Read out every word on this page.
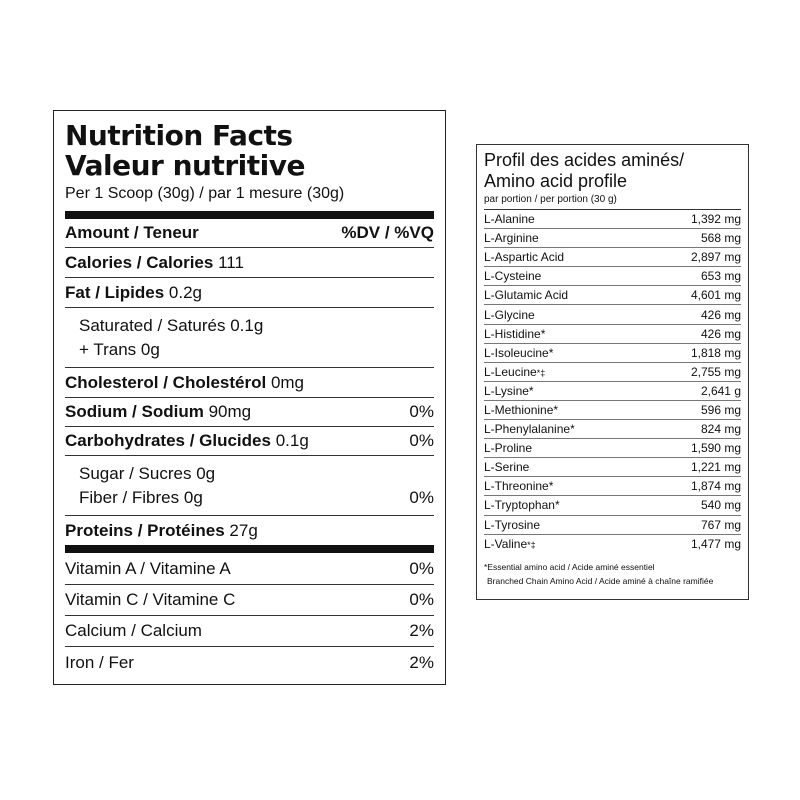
Nutrition Facts
Valeur nutritive
Per 1 Scoop (30g) / par 1 mesure (30g)
Amount / Teneur	%DV / %VQ
Calories / Calories 111
Fat / Lipides 0.2g
Saturated / Saturés 0.1g
+ Trans 0g
Cholesterol / Cholestérol 0mg
Sodium / Sodium 90mg	0%
Carbohydrates / Glucides 0.1g	0%
Sugar / Sucres 0g
Fiber / Fibres 0g	0%
Proteins / Protéines 27g
Vitamin A / Vitamine A	0%
Vitamin C / Vitamine C	0%
Calcium / Calcium	2%
Iron / Fer	2%
Profil des acides aminés/
Amino acid profile
par portion / per portion (30 g)
L-Alanine	1,392 mg
L-Arginine	568 mg
L-Aspartic Acid	2,897 mg
L-Cysteine	653 mg
L-Glutamic Acid	4,601 mg
L-Glycine	426 mg
L-Histidine*	426 mg
L-Isoleucine*	1,818 mg
L-Leucine*‡	2,755 mg
L-Lysine*	2,641 g
L-Methionine*	596 mg
L-Phenylalanine*	824 mg
L-Proline	1,590 mg
L-Serine	1,221 mg
L-Threonine*	1,874 mg
L-Tryptophan*	540 mg
L-Tyrosine	767 mg
L-Valine*‡	1,477 mg
*Essential amino acid / Acide aminé essentiel
Branched Chain Amino Acid / Acide aminé à chaîne ramifiée
